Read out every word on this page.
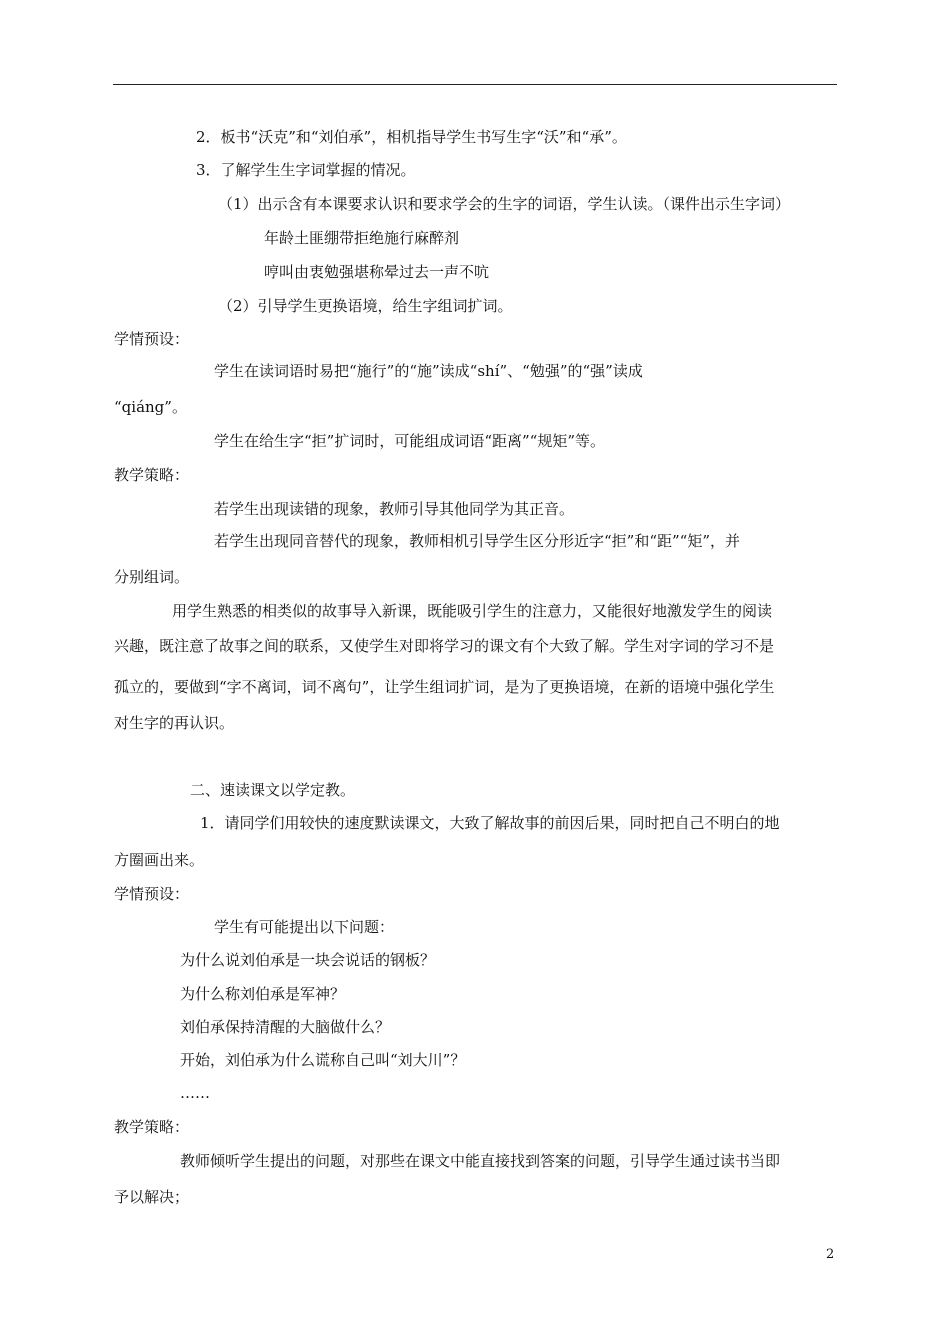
2．板书“沃克”和“刘伯承”，相机指导学生书写生字“沃”和“承”。
3．了解学生生字词掌握的情况。
（1）出示含有本课要求认识和要求学会的生字的词语，学生认读。（课件出示生字词）
年龄土匪绷带拒绝施行麻醉剂
哼叫由衷勉强堪称晕过去一声不吭
（2）引导学生更换语境，给生字组词扩词。
学情预设：
学生在读词语时易把“施行”的“施”读成“shí”、“勉强”的“强”读成
“qiáng”。
学生在给生字“拒”扩词时，可能组成词语“距离”“规矩”等。
教学策略：
若学生出现读错的现象，教师引导其他同学为其正音。
若学生出现同音替代的现象，教师相机引导学生区分形近字“拒”和“距”“矩”，并
分别组词。
用学生熟悉的相类似的故事导入新课，既能吸引学生的注意力，又能很好地激发学生的阅读
兴趣，既注意了故事之间的联系，又使学生对即将学习的课文有个大致了解。学生对字词的学习不是
孤立的，要做到“字不离词，词不离句”，让学生组词扩词，是为了更换语境，在新的语境中强化学生
对生字的再认识。
二、速读课文以学定教。
1．请同学们用较快的速度默读课文，大致了解故事的前因后果，同时把自己不明白的地
方圈画出来。
学情预设：
学生有可能提出以下问题：
为什么说刘伯承是一块会说话的钢板？
为什么称刘伯承是军神？
刘伯承保持清醒的大脑做什么？
开始，刘伯承为什么谎称自己叫“刘大川”？
……
教学策略：
教师倾听学生提出的问题，对那些在课文中能直接找到答案的问题，引导学生通过读书当即
予以解决；
2
